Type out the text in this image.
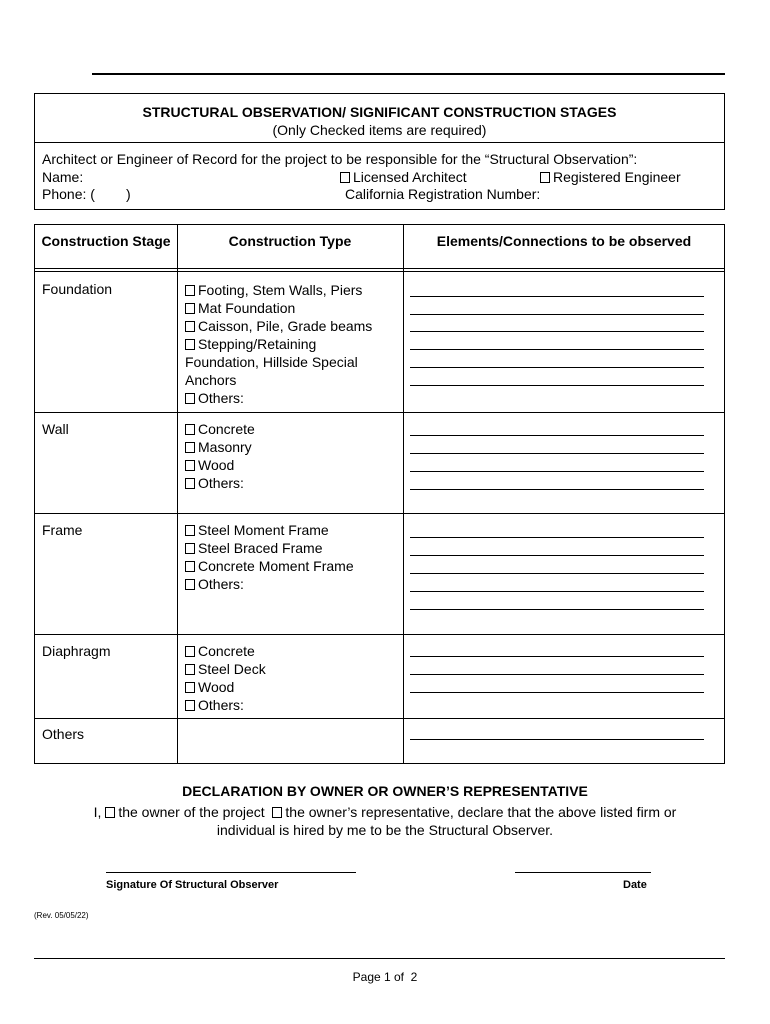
STRUCTURAL OBSERVATION/ SIGNIFICANT CONSTRUCTION STAGES
(Only Checked items are required)
Architect or Engineer of Record for the project to be responsible for the “Structural Observation”:
Name:	Licensed Architect	Registered Engineer
Phone: (        )	California Registration Number:
Construction Stage	Construction Type	Elements/Connections to be observed
Foundation	Footing, Stem Walls, Piers
Mat Foundation
Caisson, Pile, Grade beams
Stepping/Retaining Foundation, Hillside Special Anchors
Others:
Wall	Concrete
Masonry
Wood
Others:
Frame	Steel Moment Frame
Steel Braced Frame
Concrete Moment Frame
Others:
Diaphragm	Concrete
Steel Deck
Wood
Others:
Others
DECLARATION BY OWNER OR OWNER’S REPRESENTATIVE
I, the owner of the project the owner’s representative, declare that the above listed firm or
individual is hired by me to be the Structural Observer.
Signature Of Structural Observer	Date
(Rev. 05/05/22)
Page 1 of  2
